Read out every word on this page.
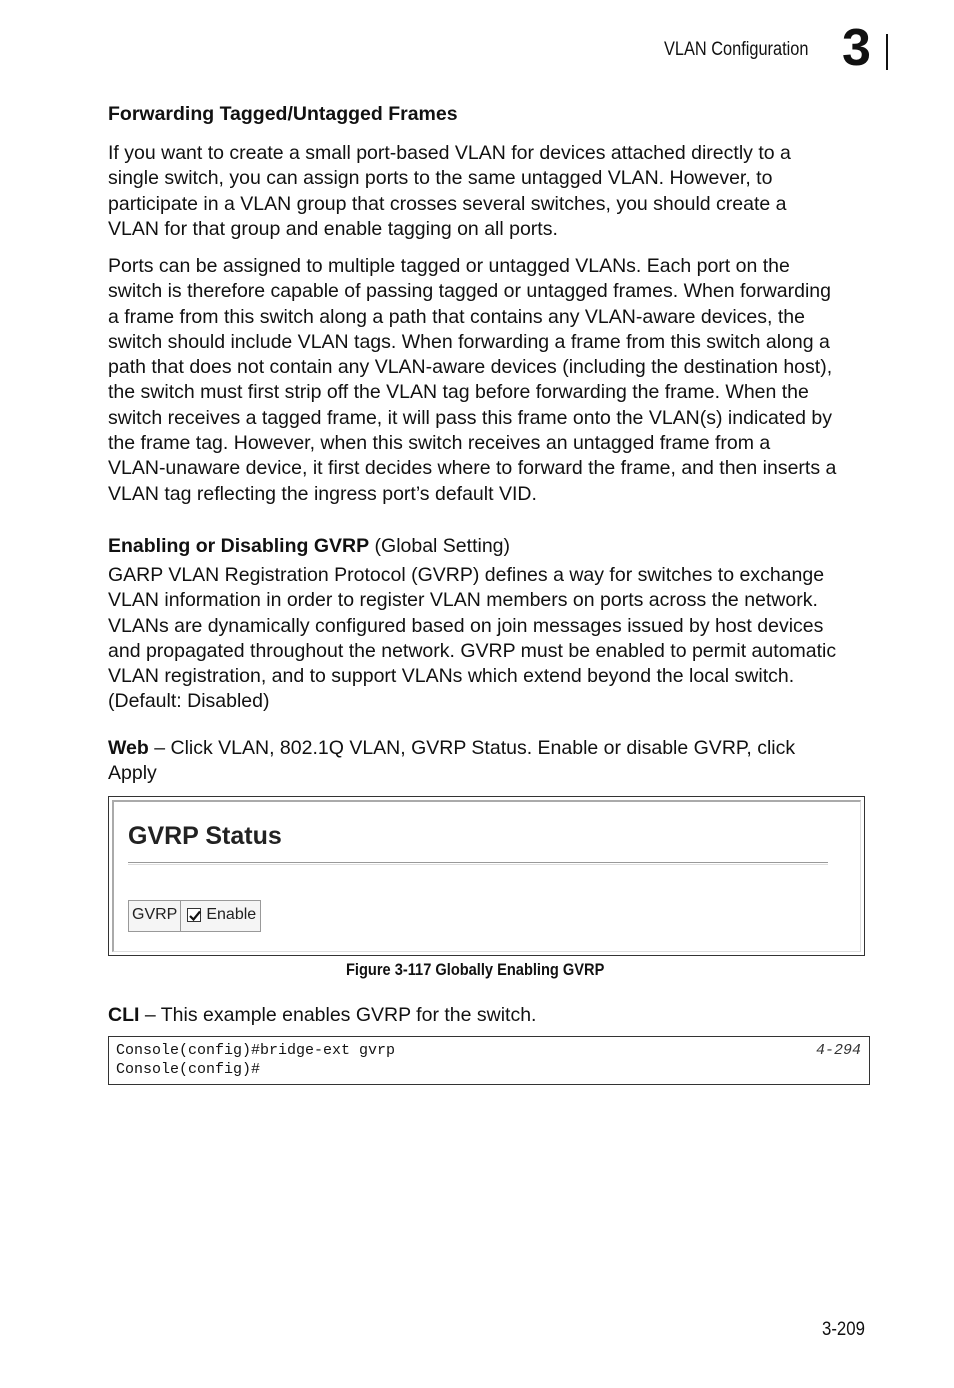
VLAN Configuration 3
Forwarding Tagged/Untagged Frames
If you want to create a small port-based VLAN for devices attached directly to a
single switch, you can assign ports to the same untagged VLAN. However, to
participate in a VLAN group that crosses several switches, you should create a
VLAN for that group and enable tagging on all ports.
Ports can be assigned to multiple tagged or untagged VLANs. Each port on the
switch is therefore capable of passing tagged or untagged frames. When forwarding
a frame from this switch along a path that contains any VLAN-aware devices, the
switch should include VLAN tags. When forwarding a frame from this switch along a
path that does not contain any VLAN-aware devices (including the destination host),
the switch must first strip off the VLAN tag before forwarding the frame. When the
switch receives a tagged frame, it will pass this frame onto the VLAN(s) indicated by
the frame tag. However, when this switch receives an untagged frame from a
VLAN-unaware device, it first decides where to forward the frame, and then inserts a
VLAN tag reflecting the ingress port’s default VID.
Enabling or Disabling GVRP (Global Setting)
GARP VLAN Registration Protocol (GVRP) defines a way for switches to exchange
VLAN information in order to register VLAN members on ports across the network.
VLANs are dynamically configured based on join messages issued by host devices
and propagated throughout the network. GVRP must be enabled to permit automatic
VLAN registration, and to support VLANs which extend beyond the local switch.
(Default: Disabled)
Web – Click VLAN, 802.1Q VLAN, GVRP Status. Enable or disable GVRP, click
Apply
GVRP Status
GVRP Enable
Figure 3-117 Globally Enabling GVRP
CLI – This example enables GVRP for the switch.
Console(config)#bridge-ext gvrp	4-294
Console(config)#
3-209
